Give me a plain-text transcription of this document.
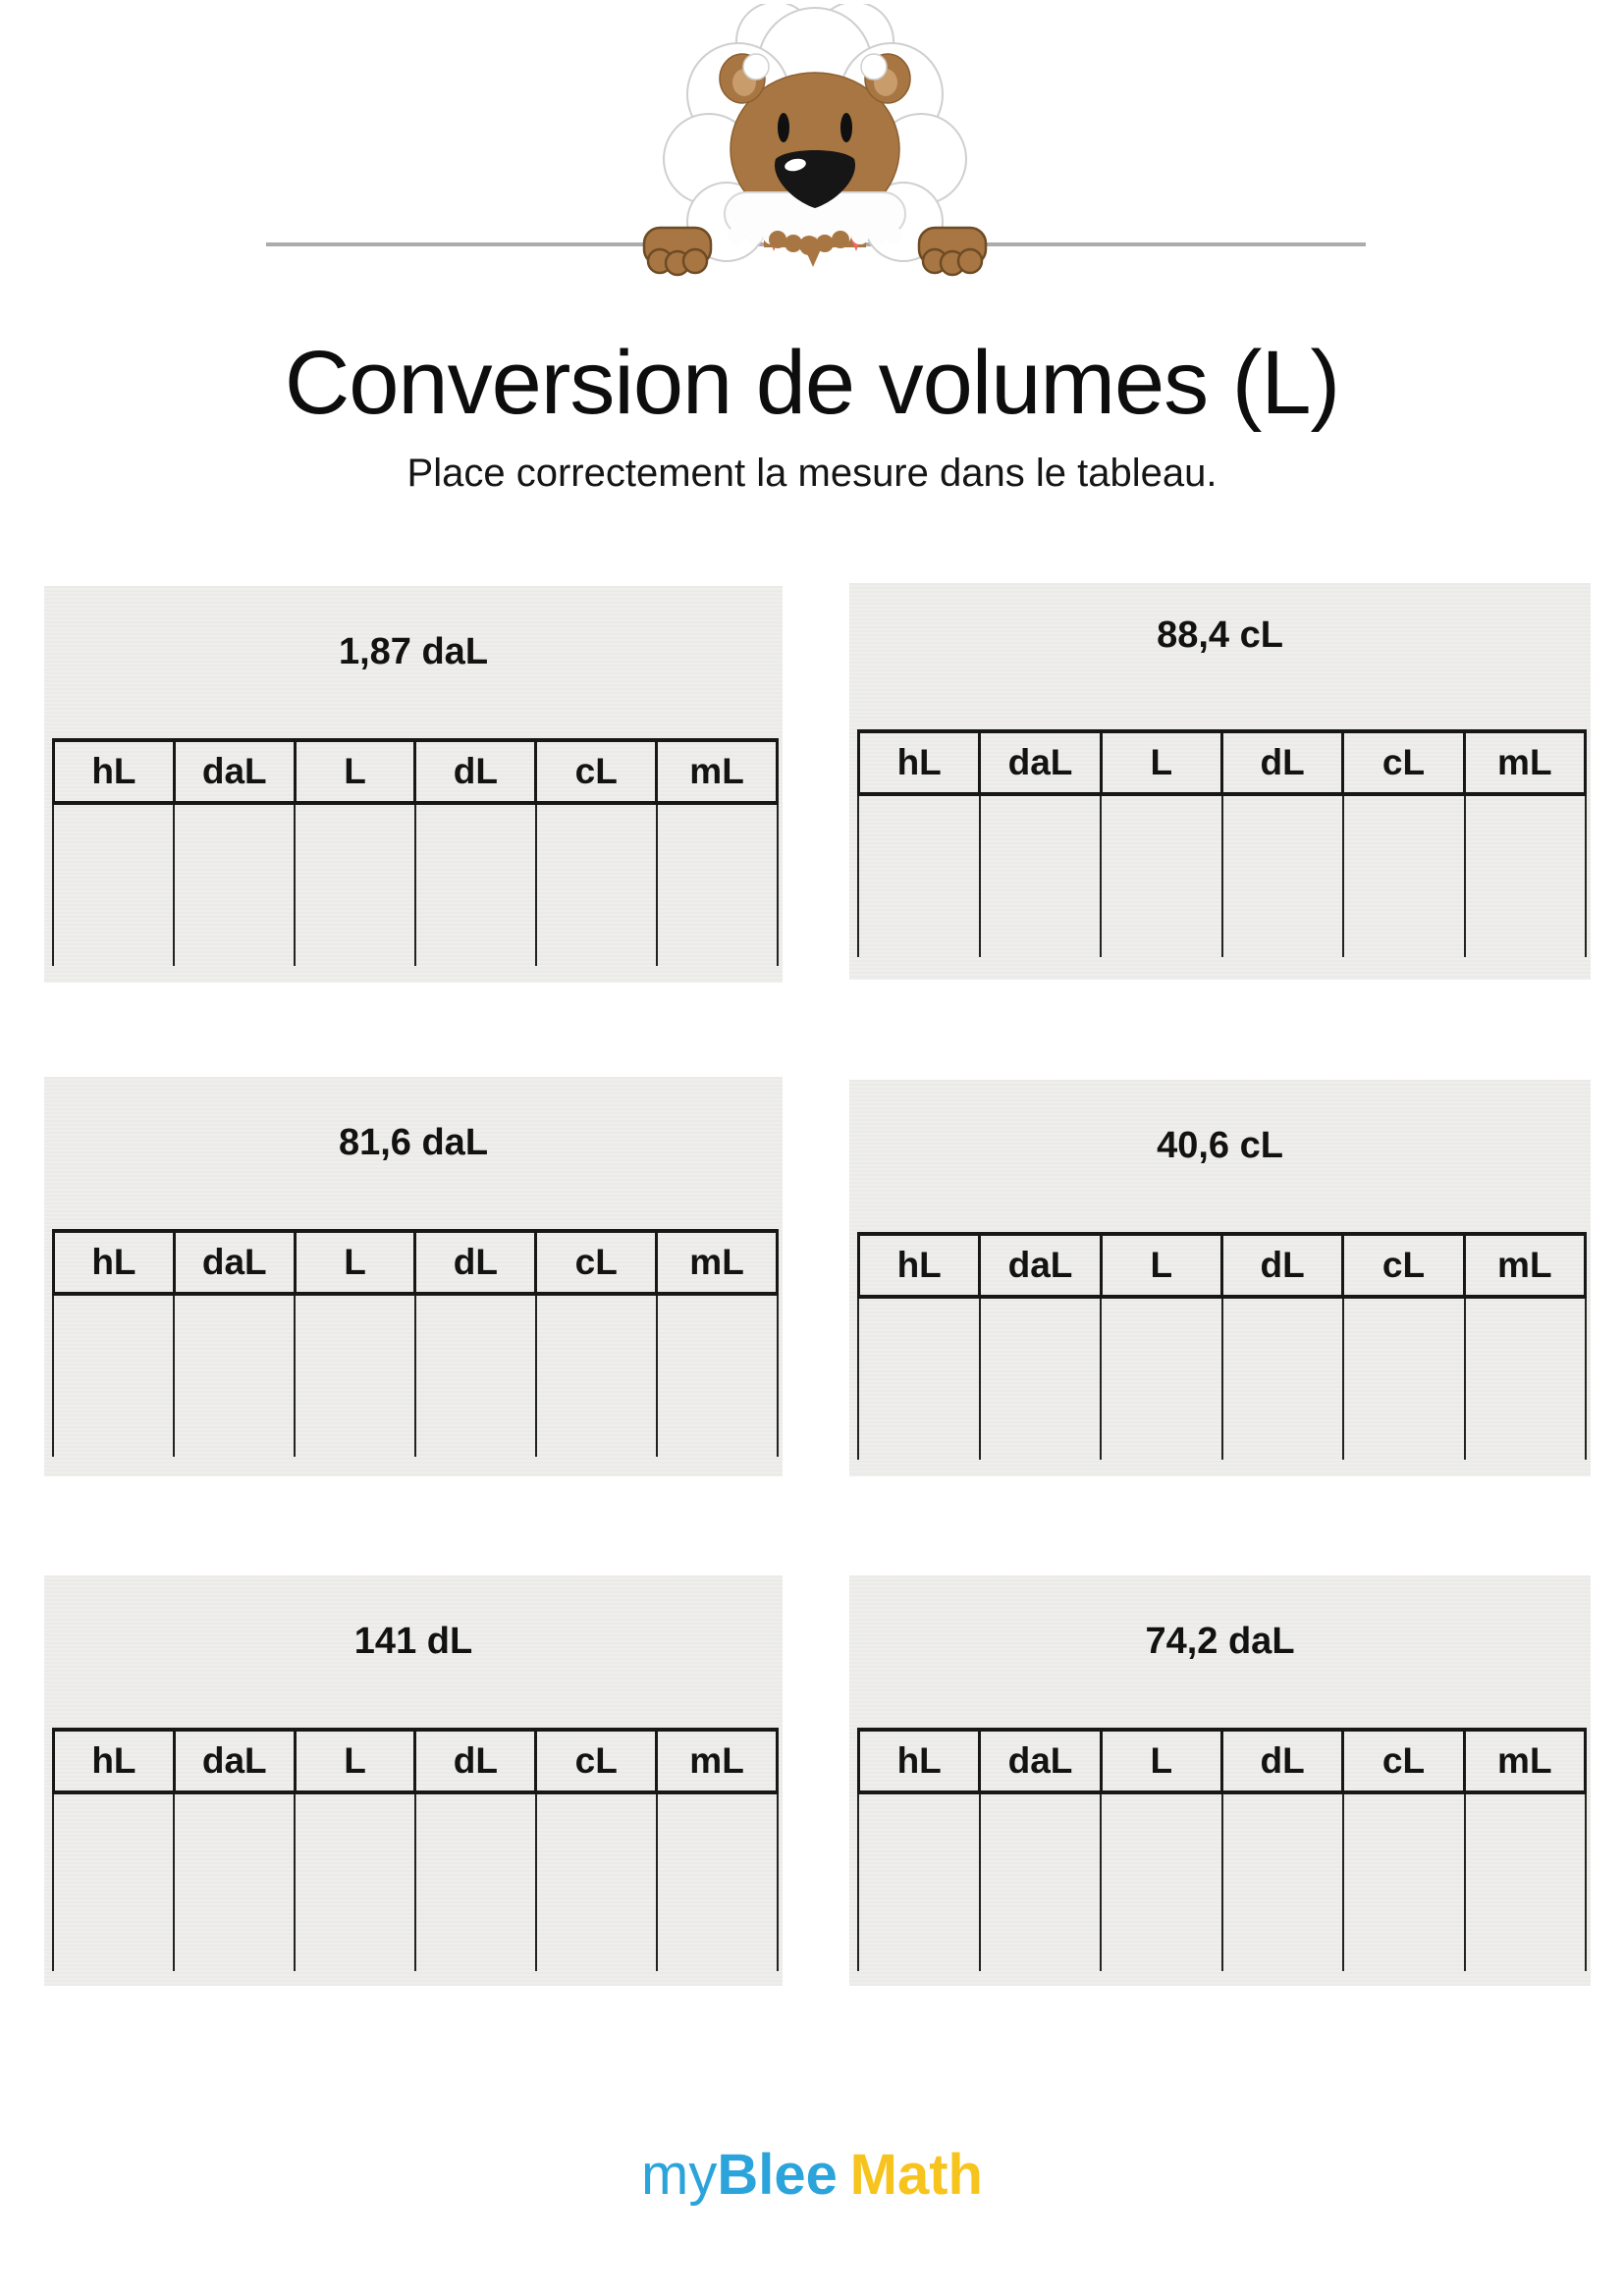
Conversion de volumes (L)

Place correctement la mesure dans le tableau.

1,87 daL

hL	daL	L	dL	cL	mL

88,4 cL

hL	daL	L	dL	cL	mL

81,6 daL

hL	daL	L	dL	cL	mL

40,6 cL

hL	daL	L	dL	cL	mL

141 dL

hL	daL	L	dL	cL	mL

74,2 daL

hL	daL	L	dL	cL	mL
myBlee Math
